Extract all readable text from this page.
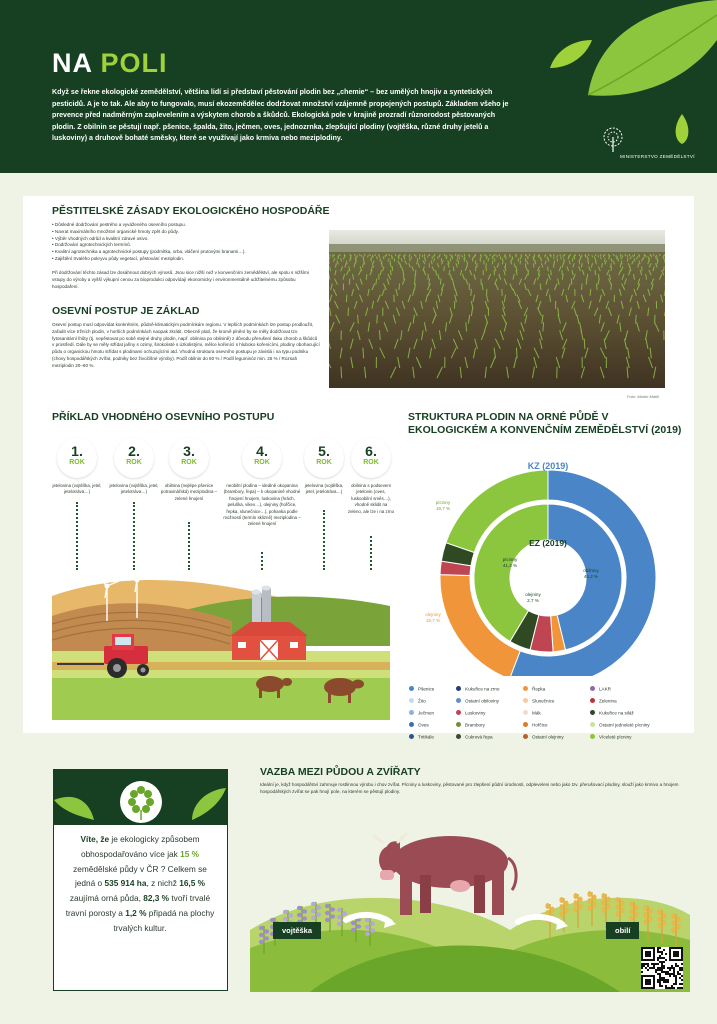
NA POLI
Když se řekne ekologické zemědělství, většina lidí si představí pěstování plodin bez „chemie“ – bez umělých hnojiv a syntetických pesticidů. A je to tak. Ale aby to fungovalo, musí ekozemědělec dodržovat množství vzájemně propojených postupů. Základem všeho je prevence před nadměrným zaplevelením a výskytem chorob a škůdců. Ekologická pole v krajině prozradí různorodost pěstovaných plodin. Z obilnin se pěstují např. pšenice, špalda, žito, ječmen, oves, jednozrnka, zlepšující plodiny (vojtěška, různé druhy jetelů a luskoviny) a druhově bohaté směsky, které se využívají jako krmiva nebo meziplodiny.
MINISTERSTVO ZEMĚDĚLSTVÍ
PĚSTITELSKÉ ZÁSADY EKOLOGICKÉHO HOSPODÁŘE
• Důsledné dodržování pestrého a vyváženého osevního postupu.
• Navrat maximálního množství organické hmoty zpět do půdy.
• Výběr vhodných odrůd a kvalitní zdravé osivo.
• Dodržování agrotechnických termínů.
• Kvalitní agrotechnika a agrotechnické postupy (podmítka, orba, vláčení prutovými branami…).
• Zajištění trvalého pokryvu půdy vegetací, pěstování meziplodin.
Při dodržování těchto zásad lze dosáhnout dobrých výnosů. Jsou sice nižší než v konvenčním zemědělství, ale spolu s nižšími vstupy do výroby a vyšší výkupní cenou za bioprodukci odpovídají ekonomicky i environmentálně udržitelnému způsobu hospodaření.
OSEVNÍ POSTUP JE ZÁKLAD
Osevní postup musí odpovídat konkrétním, půdně-klimatickým podmínkám regionu. V lepších podmínkách lze postup prodloužit, zařadit více tržních plodin, v horších podmínkách naopak zkrátit. Obecně platí, že kromě plnění by se měly dodržovat tzv. fytosanitární lhůty (tj. nepěstovat po sobě stejné druhy plodin, např. obilnina po obilnině) z důvodu přerušení tlaku chorob a škůdců v prostředí. Dále by se měly střídat jařiny s ozimy, širokolisté s úzkolistými, mělce kořenící s hluboko kořenícími, plodiny obohacující půdu o organickou hmotu střídat s plodinami ochuzujícími atd. Vhodná struktura osevního postupu je závislá i na typu podniku (chovy hospodářských zvířat, podniky bez živočišné výroby). Podíl obilnin do 60 % / Podíl leguminóz min. 25 % / Rozsah meziplodin 20–60 %.
Foto: Martin Matili
PŘÍKLAD VHODNÉHO OSEVNÍHO POSTUPU
1.
ROK
2.
ROK
3.
ROK
4.
ROK
5.
ROK
6.
ROK
jetelovina (vojtěška, jetel, jetelotráva…)
jetelovina (vojtěška, jetel, jetelotráva…)
obilnina (nejlépe pšenice potravinářská) meziplodina – zelené hnojení
neobilní plodina – ideálně okopanina (brambory, řepa) – k okopanině vhodné hnojení hnojem, luskovina (hrách, peluška, vikev…), olejniny (hořčice, řepka, slunečnice…), pohanka podle možností (termín sklizně) meziplodina – zelené hnojení
jetelovina (vojtěška, jetel, jetelotráva…)
obilnina s podsevem jetelovin (oves, luskoobilní směs…), vhodně sklidit na zeleno, ale lze i na zrno
STRUKTURA PLODIN NA ORNÉ PŮDĚ V EKOLOGICKÉM A KONVENČNÍM ZEMĚDĚLSTVÍ (2019)
KZ (2019)
EZ (2019)
obilniny 55,8 %
olejniny 19,7 %
pícniny 19,7 %
obilniny 46,2 %
olejniny 2,7 %
pícniny 41,4 %
Pšenice	Kukuřice na zrno	Řepka	LAKR
Žito	Ostatní obiloviny	Slunečnice	Zelenina
Ječmen	Luskoviny	Mák	Kukuřice na siláž
Oves	Brambory	Hořčice	Ostatní jednoleté pícniny
Tritikále	Cukrová řepa	Ostatní olejniny	Víceleté pícniny
Víte, že je ekologicky způsobem obhospodařováno více jak 15 % zemědělské půdy v ČR ? Celkem se jedná o 535 914 ha, z nichž 16,5 % zaujímá orná půda, 82,3 % tvoří trvalé travní porosty a 1,2 % připadá na plochy trvalých kultur.
VAZBA MEZI PŮDOU A ZVÍŘATY
Ideální je, když hospodářství zahrnuje rostlinnou výrobu i chov zvířat. Pícniny a luskoviny, pěstované pro zlepšení půdní úrodnosti, odpleveleni nebo jako tzv. přerušovací plodiny, slouží jako krmivo a hnojem hospodářských zvířat se pak hnojí pole, na kterém se pěstují plodiny.
vojtěška	obilí
